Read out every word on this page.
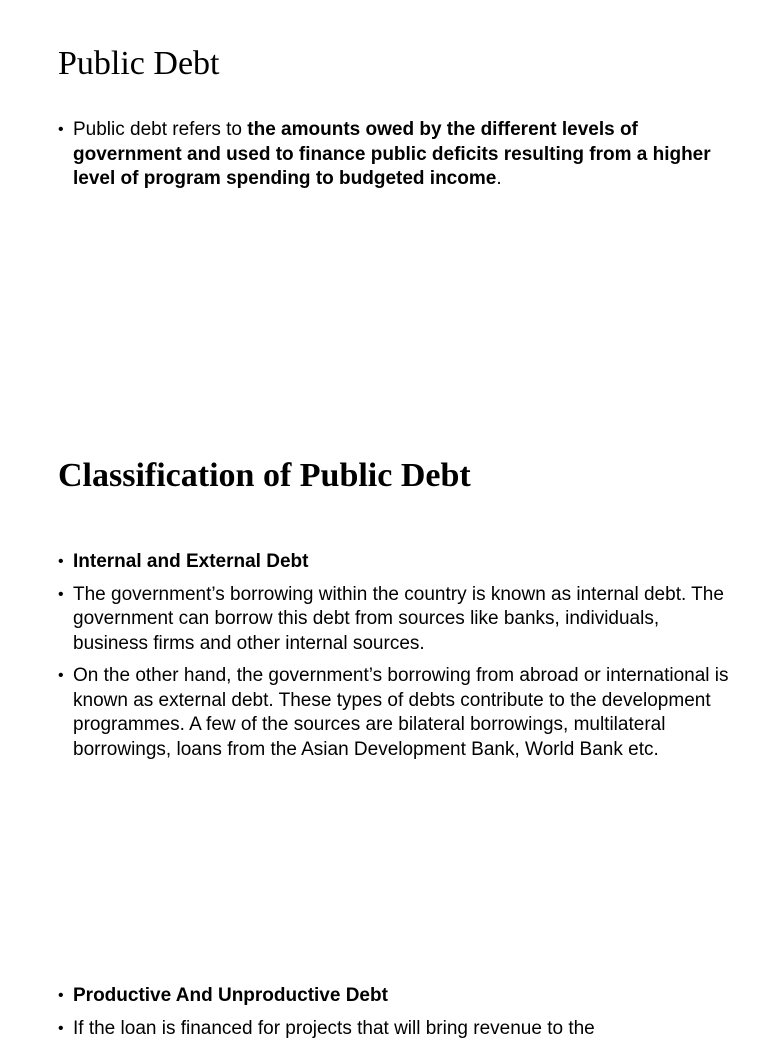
Public Debt
• Public debt refers to the amounts owed by the different levels of government and used to finance public deficits resulting from a higher level of program spending to budgeted income.
Classification of Public Debt
• Internal and External Debt
• The government’s borrowing within the country is known as internal debt. The government can borrow this debt from sources like banks, individuals, business firms and other internal sources.
• On the other hand, the government’s borrowing from abroad or international is known as external debt. These types of debts contribute to the development programmes. A few of the sources are bilateral borrowings, multilateral borrowings, loans from the Asian Development Bank, World Bank etc.
• Productive And Unproductive Debt
• If the loan is financed for projects that will bring revenue to the
